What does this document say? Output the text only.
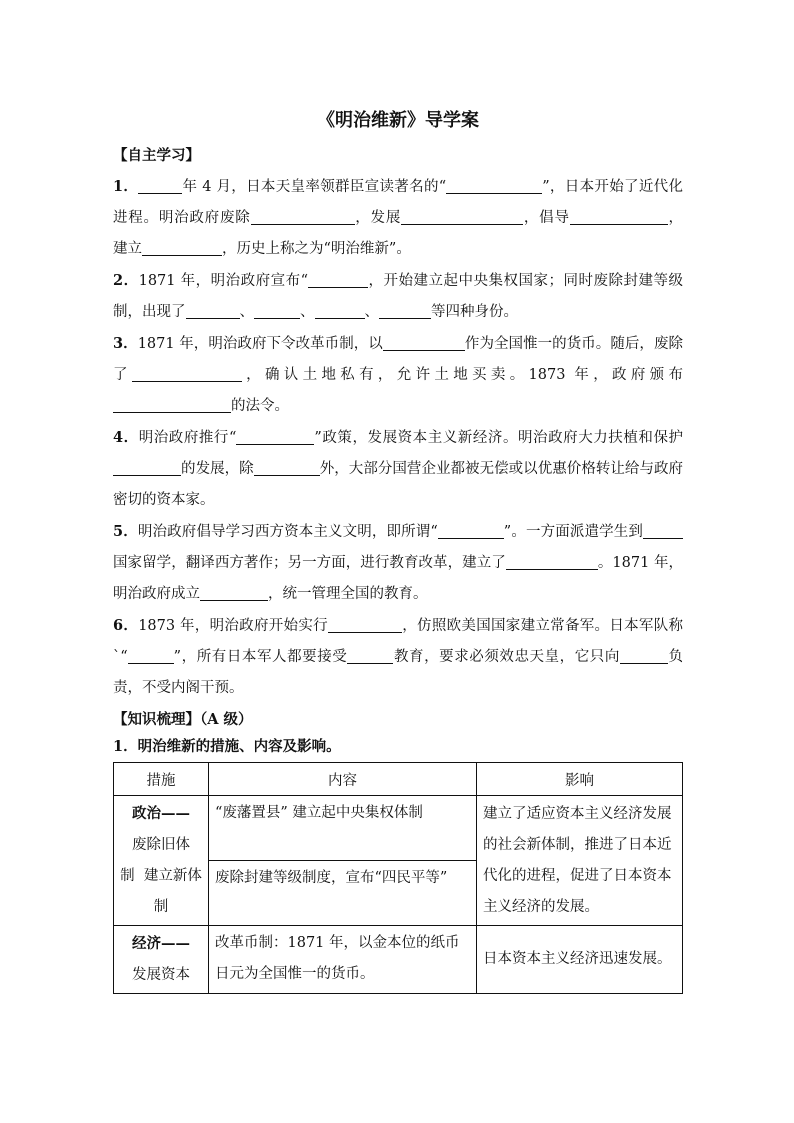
《明治维新》导学案
【自主学习】
1．	年 4 月，日本天皇率领群臣宣读著名的“	”，日本开始了近代化进程。明治政府废除	，发展	，倡导	，建立	，历史上称之为“明治维新”。
2．1871 年，明治政府宣布“	，开始建立起中央集权国家；同时废除封建等级制，出现了	、	、	、	等四种身份。
3．1871 年，明治政府下令改革币制，以	作为全国惟一的货币。随后，废除了	，确认土地私有，允许土地买卖。1873 年，政府颁布的法令。
4．明治政府推行“	”政策，发展资本主义新经济。明治政府大力扶植和保护的发展，除	外，大部分国营企业都被无偿或以优惠价格转让给与政府密切的资本家。
5．明治政府倡导学习西方资本主义文明，即所谓“	”。一方面派遣学生到国家留学，翻译西方著作；另一方面，进行教育改革，建立了	。1871 年，明治政府成立	，统一管理全国的教育。
6．1873 年，明治政府开始实行	，仿照欧美国国家建立常备军。日本军队称`“	”，所有日本军人都要接受	教育，要求必须效忠天皇，它只向	负责，不受内阁干预。
【知识梳理】（A 级）
1．明治维新的措施、内容及影响。
措施	内容	影响
政治——
废除旧体制  建立新体制	“废藩置县” 建立起中央集权体制	建立了适应资本主义经济发展的社会新体制，推进了日本近代化的进程，促进了日本资本主义经济的发展。
	废除封建等级制度，宣布“四民平等”	
经济——
发展资本	改革币制：1871 年，以金本位的纸币日元为全国惟一的货币。	日本资本主义经济迅速发展。
